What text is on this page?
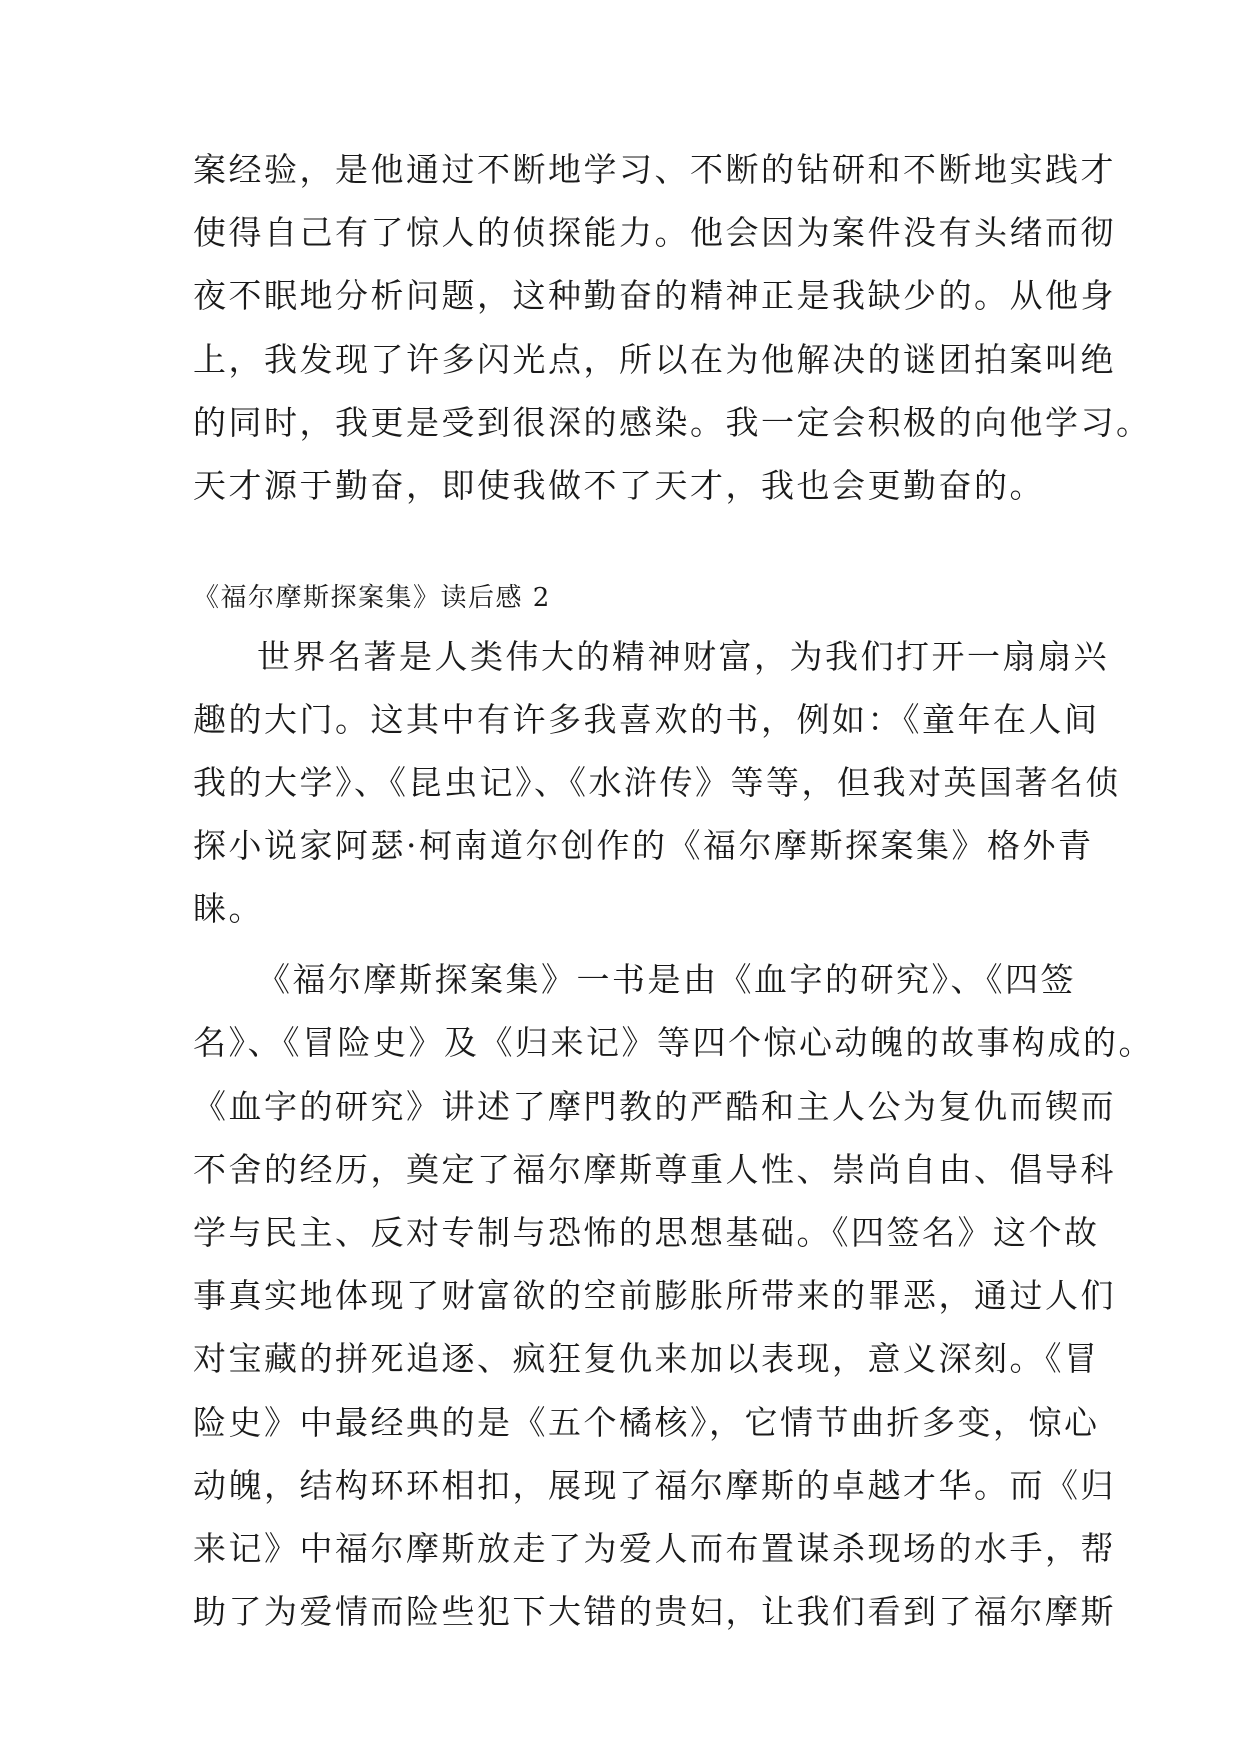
案经验，是他通过不断地学习、不断的钻研和不断地实践才
使得自己有了惊人的侦探能力。他会因为案件没有头绪而彻
夜不眠地分析问题，这种勤奋的精神正是我缺少的。从他身
上，我发现了许多闪光点，所以在为他解决的谜团拍案叫绝
的同时，我更是受到很深的感染。我一定会积极的向他学习。
天才源于勤奋，即使我做不了天才，我也会更勤奋的。
《福尔摩斯探案集》读后感 2
世界名著是人类伟大的精神财富，为我们打开一扇扇兴
趣的大门。这其中有许多我喜欢的书，例如：《童年在人间
我的大学》、《昆虫记》、《水浒传》等等，但我对英国著名侦
探小说家阿瑟·柯南道尔创作的《福尔摩斯探案集》格外青
睐。
《福尔摩斯探案集》一书是由《血字的研究》、《四签
名》、《冒险史》及《归来记》等四个惊心动魄的故事构成的。
《血字的研究》讲述了摩門教的严酷和主人公为复仇而锲而
不舍的经历，奠定了福尔摩斯尊重人性、崇尚自由、倡导科
学与民主、反对专制与恐怖的思想基础。《四签名》这个故
事真实地体现了财富欲的空前膨胀所带来的罪恶，通过人们
对宝藏的拼死追逐、疯狂复仇来加以表现，意义深刻。《冒
险史》中最经典的是《五个橘核》，它情节曲折多变，惊心
动魄，结构环环相扣，展现了福尔摩斯的卓越才华。而《归
来记》中福尔摩斯放走了为爱人而布置谋杀现场的水手，帮
助了为爱情而险些犯下大错的贵妇，让我们看到了福尔摩斯
